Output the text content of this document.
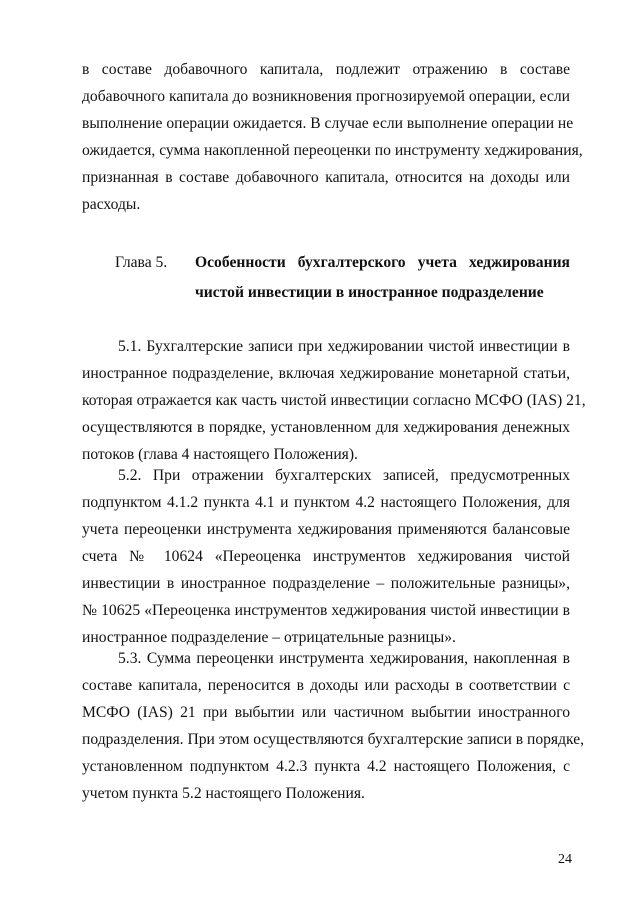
в составе добавочного капитала, подлежит отражению в составе
добавочного капитала до возникновения прогнозируемой операции, если
выполнение операции ожидается. В случае если выполнение операции не
ожидается, сумма накопленной переоценки по инструменту хеджирования,
признанная в составе добавочного капитала, относится на доходы или
расходы.
Глава 5.	Особенности бухгалтерского учета хеджирования
чистой инвестиции в иностранное подразделение
5.1. Бухгалтерские записи при хеджировании чистой инвестиции в
иностранное подразделение, включая хеджирование монетарной статьи,
которая отражается как часть чистой инвестиции согласно МСФО (IAS) 21,
осуществляются в порядке, установленном для хеджирования денежных
потоков (глава 4 настоящего Положения).
5.2. При отражении бухгалтерских записей, предусмотренных
подпунктом 4.1.2 пункта 4.1 и пунктом 4.2 настоящего Положения, для
учета переоценки инструмента хеджирования применяются балансовые
счета № 10624 «Переоценка инструментов хеджирования чистой
инвестиции в иностранное подразделение – положительные разницы»,
№ 10625 «Переоценка инструментов хеджирования чистой инвестиции в
иностранное подразделение – отрицательные разницы».
5.3. Сумма переоценки инструмента хеджирования, накопленная в
составе капитала, переносится в доходы или расходы в соответствии с
МСФО (IAS) 21 при выбытии или частичном выбытии иностранного
подразделения. При этом осуществляются бухгалтерские записи в порядке,
установленном подпунктом 4.2.3 пункта 4.2 настоящего Положения, с
учетом пункта 5.2 настоящего Положения.
24
